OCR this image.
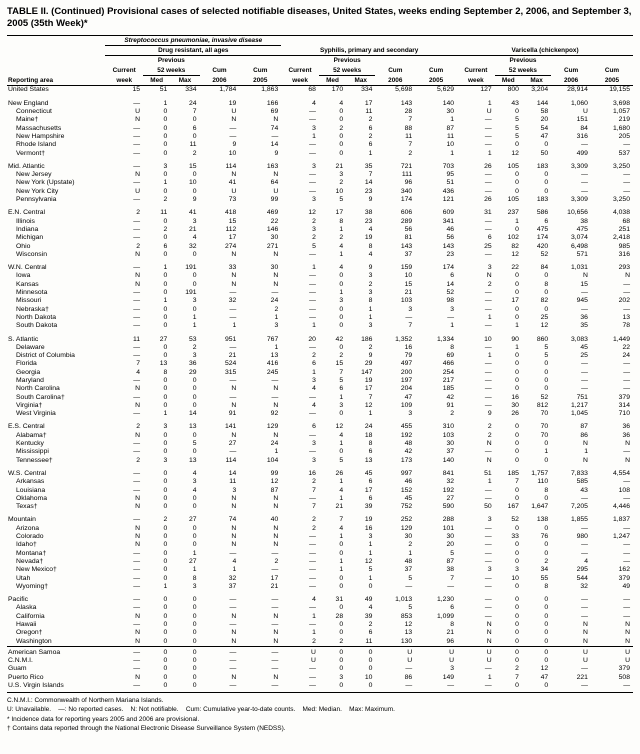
TABLE II. (Continued) Provisional cases of selected notifiable diseases, United States, weeks ending September 2, 2006, and September 3, 2005 (35th Week)*

Reporting area	Streptococcus pneumoniae, invasive disease					Syphilis, primary and secondary					Varicella (chickenpox)				
	Drug resistant, all ages														
		Previous					Previous					Previous			
	Current	52 weeks		Cum	Cum	Current	52 weeks		Cum	Cum	Current	52 weeks		Cum	Cum
	week	Med	Max	2006	2005	week	Med	Max	2006	2005	week	Med	Max	2006	2005
United States	15	51	334	1,784	1,863	68	170	334	5,698	5,629	127	800	3,204	28,914	19,155
New England	—	1	24	19	166	4	4	17	143	140	1	43	144	1,060	3,698
Connecticut	U	0	7	U	69	—	0	11	28	30	U	0	58	U	1,057
Maine†	N	0	0	N	N	—	0	2	7	1	—	5	20	151	219
Massachusetts	—	0	6	—	74	3	2	6	88	87	—	5	54	84	1,680
New Hampshire	—	0	0	—	—	1	0	2	11	11	—	5	47	316	205
Rhode Island	—	0	11	9	14	—	0	6	7	10	—	0	0	—	—
Vermont†	—	0	2	10	9	—	0	1	2	1	1	12	50	499	537
Mid. Atlantic	—	3	15	114	163	3	21	35	721	703	26	105	183	3,309	3,250
New Jersey	N	0	0	N	N	—	3	7	111	95	—	0	0	—	—
New York (Upstate)	—	1	10	41	64	—	2	14	96	51	—	0	0	—	—
New York City	U	0	0	U	U	—	10	23	340	436	—	0	0	—	—
Pennsylvania	—	2	9	73	99	3	5	9	174	121	26	105	183	3,309	3,250
E.N. Central	2	11	41	418	469	12	17	38	606	609	31	237	586	10,656	4,038
Illinois	—	0	3	15	22	2	8	23	289	341	—	1	6	38	68
Indiana	—	2	21	112	146	3	1	4	56	46	—	0	475	475	251
Michigan	—	0	4	17	30	2	2	19	81	56	6	102	174	3,074	2,418
Ohio	2	6	32	274	271	5	4	8	143	143	25	82	420	6,498	985
Wisconsin	N	0	0	N	N	—	1	4	37	23	—	12	52	571	316
W.N. Central	—	1	191	33	30	1	4	9	159	174	3	22	84	1,031	293
Iowa	N	0	0	N	N	—	0	3	10	6	N	0	0	N	N
Kansas	N	0	0	N	N	—	0	2	15	14	2	0	8	15	—
Minnesota	—	0	191	—	—	—	1	3	21	52	—	0	0	—	—
Missouri	—	1	3	32	24	—	3	8	103	98	—	17	82	945	202
Nebraska†	—	0	0	—	2	—	0	1	3	3	—	0	0	—	—
North Dakota	—	0	1	—	1	—	0	1	—	—	1	0	25	36	13
South Dakota	—	0	1	1	3	1	0	3	7	1	—	1	12	35	78
S. Atlantic	11	27	53	951	767	20	42	186	1,352	1,334	10	90	860	3,083	1,449
Delaware	—	0	2	—	1	—	0	2	16	8	—	1	5	45	22
District of Columbia	—	0	3	21	13	2	2	9	79	69	1	0	5	25	24
Florida	7	13	36	524	416	6	15	29	497	466	—	0	0	—	—
Georgia	4	8	29	315	245	1	7	147	200	254	—	0	0	—	—
Maryland	—	0	0	—	—	3	5	19	197	217	—	0	0	—	—
North Carolina	N	0	0	N	N	4	6	17	204	185	—	0	0	—	—
South Carolina†	—	0	0	—	—	—	1	7	47	42	—	16	52	751	379
Virginia†	N	0	0	N	N	4	3	12	109	91	—	30	812	1,217	314
West Virginia	—	1	14	91	92	—	0	1	3	2	9	26	70	1,045	710
E.S. Central	2	3	13	141	129	6	12	24	455	310	2	0	70	87	36
Alabama†	N	0	0	N	N	—	4	18	192	103	2	0	70	86	36
Kentucky	—	0	5	27	24	3	1	8	48	30	N	0	0	N	N
Mississippi	—	0	0	—	1	—	0	6	42	37	—	0	1	1	—
Tennessee†	2	3	13	114	104	3	5	13	173	140	N	0	0	N	N
W.S. Central	—	0	4	14	99	16	26	45	997	841	51	185	1,757	7,833	4,554
Arkansas	—	0	3	11	12	2	1	6	46	32	1	7	110	585	—
Louisiana	—	0	4	3	87	7	4	17	152	192	—	0	8	43	108
Oklahoma	N	0	0	N	N	—	1	6	45	27	—	0	0	—	—
Texas†	N	0	0	N	N	7	21	39	752	590	50	167	1,647	7,205	4,446
Mountain	—	2	27	74	40	2	7	19	252	288	3	52	138	1,855	1,837
Arizona	N	0	0	N	N	2	4	16	129	101	—	0	0	—	—
Colorado	N	0	0	N	N	—	1	3	30	30	—	33	76	980	1,247
Idaho†	N	0	0	N	N	—	0	1	2	20	—	0	0	—	—
Montana†	—	0	1	—	—	—	0	1	1	5	—	0	0	—	—
Nevada†	—	0	27	4	2	—	1	12	48	87	—	0	2	4	—
New Mexico†	—	0	1	1	—	—	1	5	37	38	3	3	34	295	162
Utah	—	0	8	32	17	—	0	1	5	7	—	10	55	544	379
Wyoming†	—	1	3	37	21	—	0	0	—	—	—	0	8	32	49
Pacific	—	0	0	—	—	4	31	49	1,013	1,230	—	0	0	—	—
Alaska	—	0	0	—	—	—	0	4	5	6	—	0	0	—	—
California	N	0	0	N	N	1	28	39	853	1,099	—	0	0	—	—
Hawaii	—	0	0	—	—	—	0	2	12	8	N	0	0	N	N
Oregon†	N	0	0	N	N	1	0	6	13	21	N	0	0	N	N
Washington	N	0	0	N	N	2	2	11	130	96	N	0	0	N	N
American Samoa	—	0	0	—	—	U	0	0	U	U	U	0	0	U	U
C.N.M.I.	—	0	0	—	—	U	0	0	U	U	U	0	0	U	U
Guam	—	0	0	—	—	—	0	0	—	3	—	2	12	—	379
Puerto Rico	N	0	0	N	N	—	3	10	86	149	1	7	47	221	508
U.S. Virgin Islands	—	0	0	—	—	—	0	0	—	—	—	0	0	—	—
C.N.M.I.: Commonwealth of Northern Mariana Islands.
U: Unavailable.    —: No reported cases.    N: Not notifiable.    Cum: Cumulative year-to-date counts.    Med: Median.    Max: Maximum.
* Incidence data for reporting years 2005 and 2006 are provisional.
† Contains data reported through the National Electronic Disease Surveillance System (NEDSS).
